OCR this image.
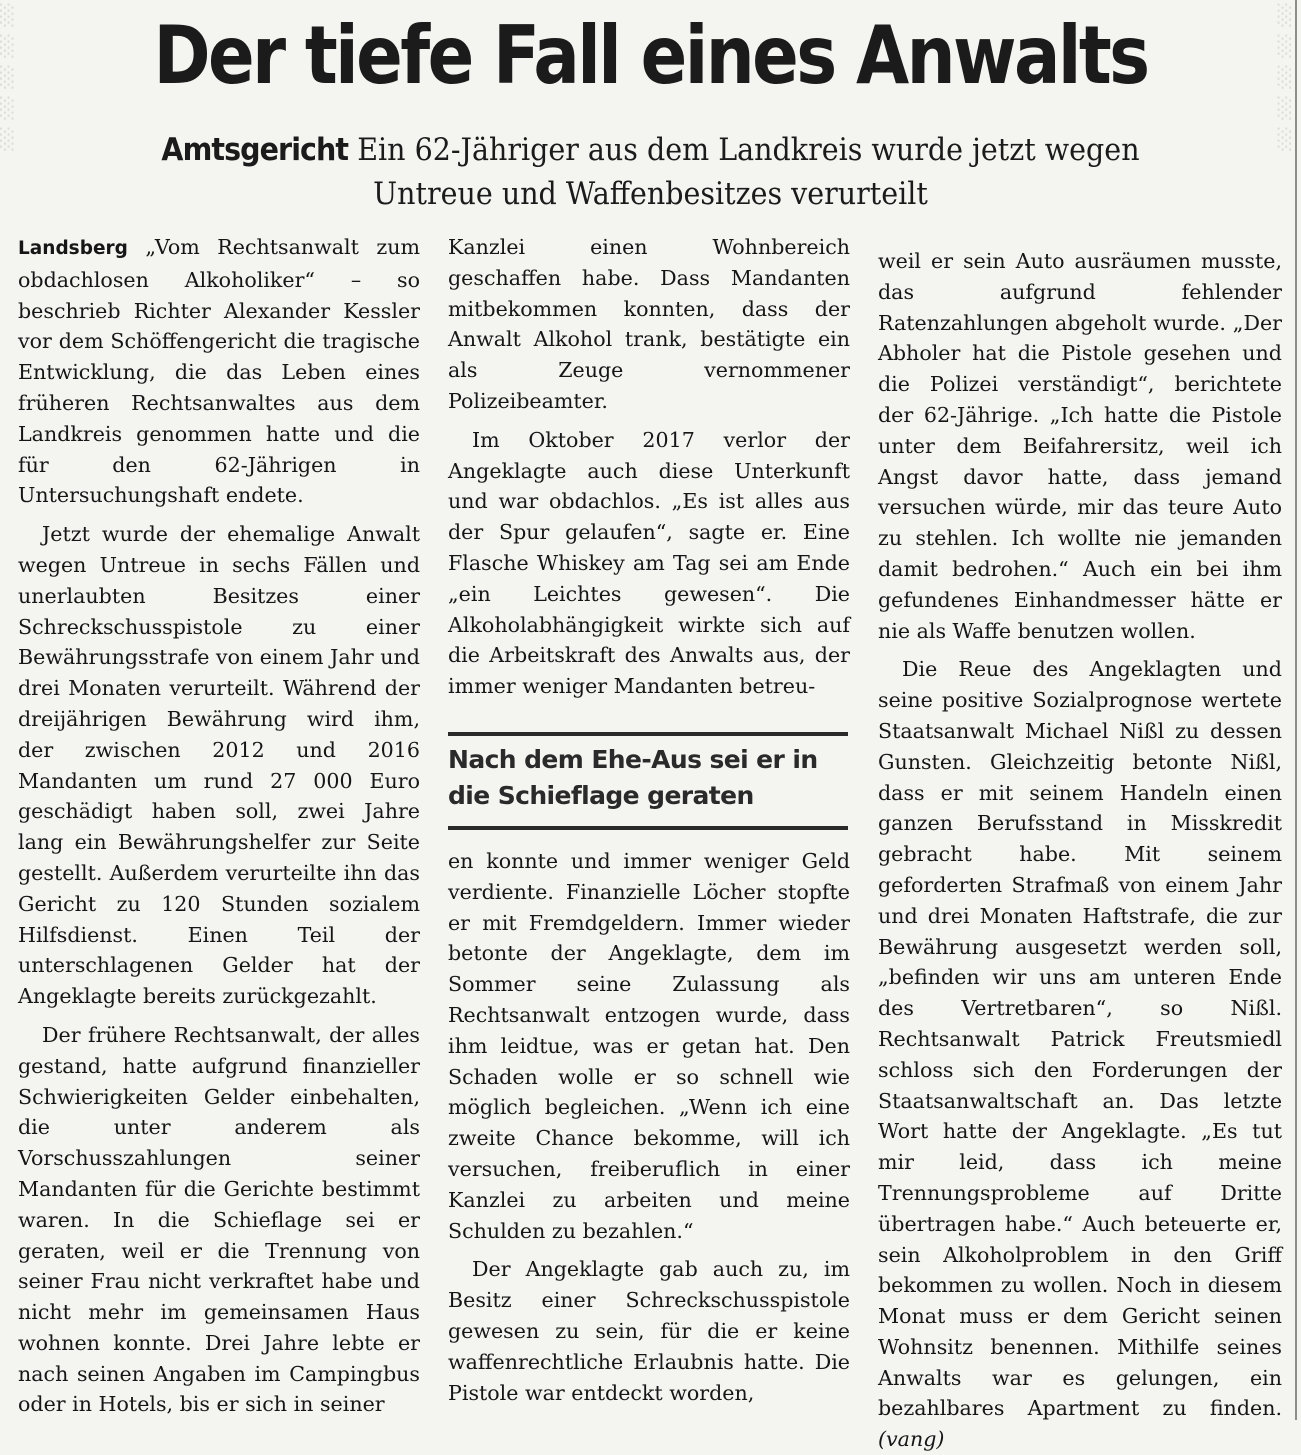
░
░
░
░
░
░
░
░
░
░
Der tiefe Fall eines Anwalts
Amtsgericht Ein 62-Jähriger aus dem Landkreis wurde jetzt wegen Untreue und Waffenbesitzes verurteilt

Landsberg „Vom Rechtsanwalt zum obdachlosen Alkoholiker“ – so beschrieb Richter Alexander Kessler vor dem Schöffengericht die tragische Entwicklung, die das Leben eines früheren Rechtsanwaltes aus dem Landkreis genommen hatte und die für den 62-Jährigen in Untersuchungshaft endete.

Jetzt wurde der ehemalige Anwalt wegen Untreue in sechs Fällen und unerlaubten Besitzes einer Schreckschusspistole zu einer Bewährungsstrafe von einem Jahr und drei Monaten verurteilt. Während der dreijährigen Bewährung wird ihm, der zwischen 2012 und 2016 Mandanten um rund 27 000 Euro geschädigt haben soll, zwei Jahre lang ein Bewährungshelfer zur Seite gestellt. Außerdem verurteilte ihn das Gericht zu 120 Stunden sozialem Hilfsdienst. Einen Teil der unterschlagenen Gelder hat der Angeklagte bereits zurückgezahlt.

Der frühere Rechtsanwalt, der alles gestand, hatte aufgrund finanzieller Schwierigkeiten Gelder einbehalten, die unter anderem als Vorschusszahlungen seiner Mandanten für die Gerichte bestimmt waren. In die Schieflage sei er geraten, weil er die Trennung von seiner Frau nicht verkraftet habe und nicht mehr im gemeinsamen Haus wohnen konnte. Drei Jahre lebte er nach seinen Angaben im Campingbus oder in Hotels, bis er sich in seiner

Kanzlei einen Wohnbereich geschaffen habe. Dass Mandanten mitbekommen konnten, dass der Anwalt Alkohol trank, bestätigte ein als Zeuge vernommener Polizeibeamter.

Im Oktober 2017 verlor der Angeklagte auch diese Unterkunft und war obdachlos. „Es ist alles aus der Spur gelaufen“, sagte er. Eine Flasche Whiskey am Tag sei am Ende „ein Leichtes gewesen“. Die Alkoholabhängigkeit wirkte sich auf die Arbeitskraft des Anwalts aus, der immer weniger Mandanten betreu-

Nach dem Ehe-Aus sei er in die Schieflage geraten

en konnte und immer weniger Geld verdiente. Finanzielle Löcher stopfte er mit Fremdgeldern. Immer wieder betonte der Angeklagte, dem im Sommer seine Zulassung als Rechtsanwalt entzogen wurde, dass ihm leidtue, was er getan hat. Den Schaden wolle er so schnell wie möglich begleichen. „Wenn ich eine zweite Chance bekomme, will ich versuchen, freiberuflich in einer Kanzlei zu arbeiten und meine Schulden zu bezahlen.“

Der Angeklagte gab auch zu, im Besitz einer Schreckschusspistole gewesen zu sein, für die er keine waffenrechtliche Erlaubnis hatte. Die Pistole war entdeckt worden,

weil er sein Auto ausräumen musste, das aufgrund fehlender Ratenzahlungen abgeholt wurde. „Der Abholer hat die Pistole gesehen und die Polizei verständigt“, berichtete der 62-Jährige. „Ich hatte die Pistole unter dem Beifahrersitz, weil ich Angst davor hatte, dass jemand versuchen würde, mir das teure Auto zu stehlen. Ich wollte nie jemanden damit bedrohen.“ Auch ein bei ihm gefundenes Einhandmesser hätte er nie als Waffe benutzen wollen.

Die Reue des Angeklagten und seine positive Sozialprognose wertete Staatsanwalt Michael Nißl zu dessen Gunsten. Gleichzeitig betonte Nißl, dass er mit seinem Handeln einen ganzen Berufsstand in Misskredit gebracht habe. Mit seinem geforderten Strafmaß von einem Jahr und drei Monaten Haftstrafe, die zur Bewährung ausgesetzt werden soll, „befinden wir uns am unteren Ende des Vertretbaren“, so Nißl. Rechtsanwalt Patrick Freutsmiedl schloss sich den Forderungen der Staatsanwaltschaft an. Das letzte Wort hatte der Angeklagte. „Es tut mir leid, dass ich meine Trennungsprobleme auf Dritte übertragen habe.“ Auch beteuerte er, sein Alkoholproblem in den Griff bekommen zu wollen. Noch in diesem Monat muss er dem Gericht seinen Wohnsitz benennen. Mithilfe seines Anwalts war es gelungen, ein bezahlbares Apartment zu finden. (vang)
